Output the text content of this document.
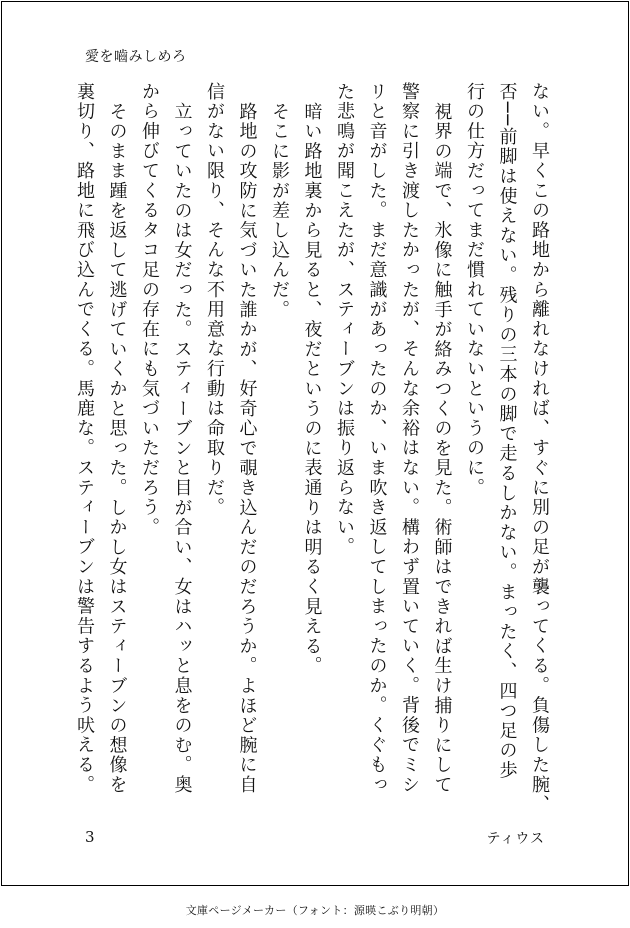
愛を嚙みしめろ

ない。早くこの路地から離れなければ、すぐに別の足が襲ってくる。負傷した腕、

否──前脚は使えない。残りの三本の脚で走るしかない。まったく、四つ足の歩

行の仕方だってまだ慣れていないというのに。

視界の端で、氷像に触手が絡みつくのを見た。術師はできれば生け捕りにして

警察に引き渡したかったが、そんな余裕はない。構わず置いていく。背後でミシ

リと音がした。まだ意識があったのか、いま吹き返してしまったのか。くぐもっ

た悲鳴が聞こえたが、スティーブンは振り返らない。

暗い路地裏から見ると、夜だというのに表通りは明るく見える。

そこに影が差し込んだ。

路地の攻防に気づいた誰かが、好奇心で覗き込んだのだろうか。よほど腕に自

信がない限り、そんな不用意な行動は命取りだ。

立っていたのは女だった。スティーブンと目が合い、女はハッと息をのむ。奥

から伸びてくるタコ足の存在にも気づいただろう。

そのまま踵を返して逃げていくかと思った。しかし女はスティーブンの想像を

裏切り、路地に飛び込んでくる。馬鹿な。スティーブンは警告するよう吠える。

3	ティウス
文庫ページメーカー（フォント：源暎こぶり明朝）
